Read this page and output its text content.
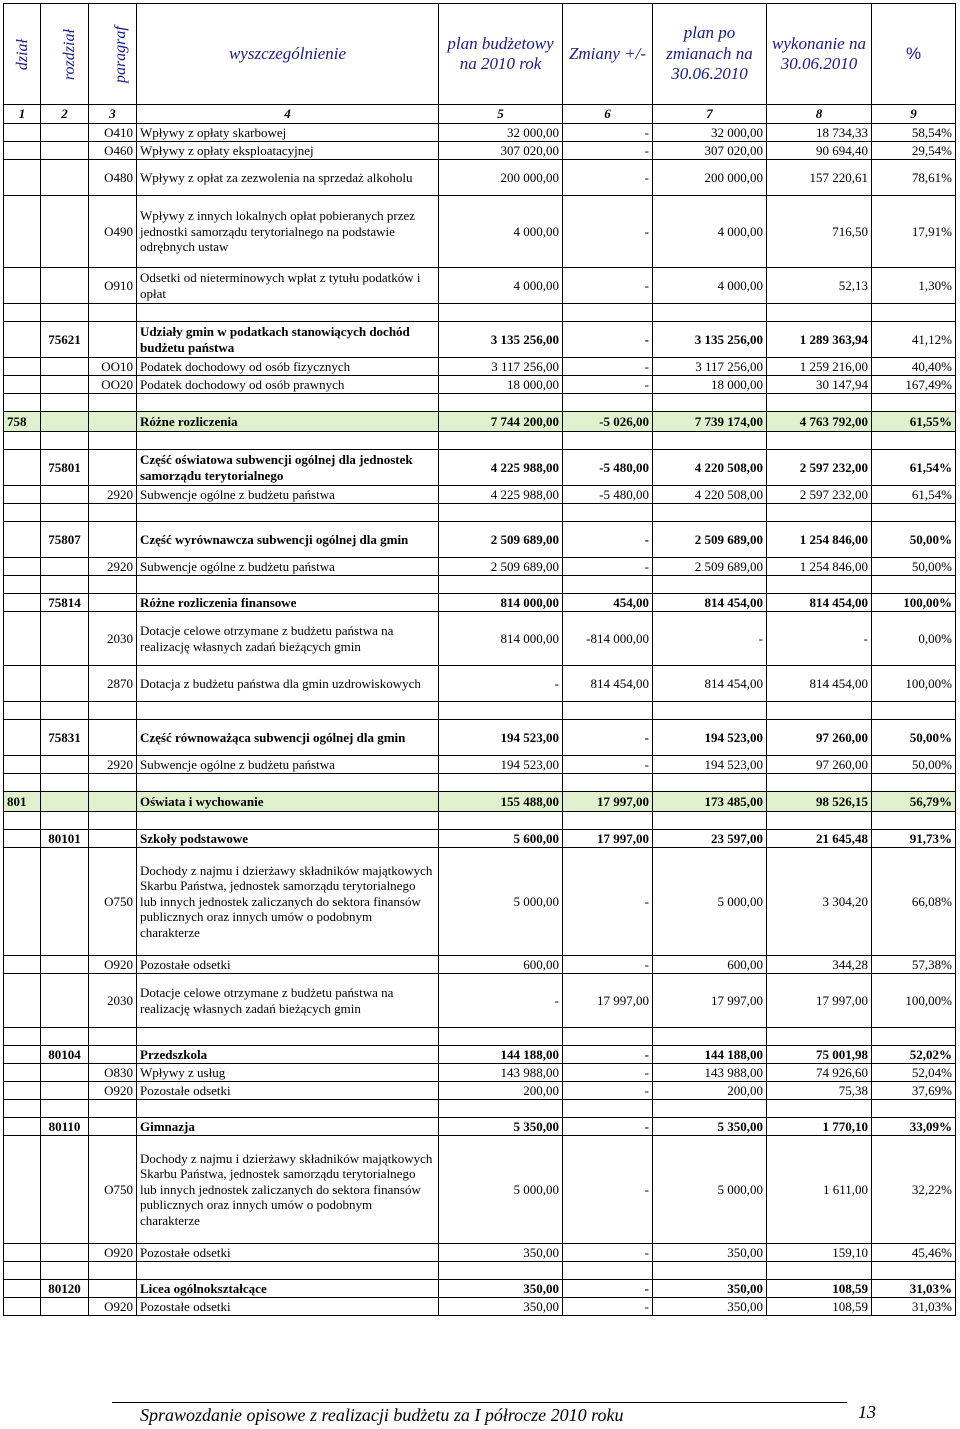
dział	rozdział	paragraf	wyszczególnienie	plan budżetowy na 2010 rok	Zmiany +/-	plan po zmianach na 30.06.2010	wykonanie na 30.06.2010	%
1	2	3	4	5	6	7	8	9
		O410	Wpływy z opłaty skarbowej	32 000,00	-	32 000,00	18 734,33	58,54%
		O460	Wpływy z opłaty eksploatacyjnej	307 020,00	-	307 020,00	90 694,40	29,54%
		O480	Wpływy z opłat za zezwolenia na sprzedaż alkoholu	200 000,00	-	200 000,00	157 220,61	78,61%
		O490	Wpływy z innych lokalnych opłat pobieranych przez jednostki samorządu terytorialnego na podstawie odrębnych ustaw	4 000,00	-	4 000,00	716,50	17,91%
		O910	Odsetki od nieterminowych wpłat z tytułu podatków i opłat	4 000,00	-	4 000,00	52,13	1,30%

	75621		Udziały gmin w podatkach stanowiących dochód budżetu państwa	3 135 256,00	-	3 135 256,00	1 289 363,94	41,12%
		OO10	Podatek dochodowy od osób fizycznych	3 117 256,00	-	3 117 256,00	1 259 216,00	40,40%
		OO20	Podatek dochodowy od osób prawnych	18 000,00	-	18 000,00	30 147,94	167,49%

758			Różne rozliczenia	7 744 200,00	-5 026,00	7 739 174,00	4 763 792,00	61,55%

	75801		Część oświatowa subwencji ogólnej dla jednostek samorządu terytorialnego	4 225 988,00	-5 480,00	4 220 508,00	2 597 232,00	61,54%
		2920	Subwencje ogólne z budżetu państwa	4 225 988,00	-5 480,00	4 220 508,00	2 597 232,00	61,54%

	75807		Część wyrównawcza subwencji ogólnej dla gmin	2 509 689,00	-	2 509 689,00	1 254 846,00	50,00%
		2920	Subwencje ogólne z budżetu państwa	2 509 689,00	-	2 509 689,00	1 254 846,00	50,00%

	75814		Różne rozliczenia finansowe	814 000,00	454,00	814 454,00	814 454,00	100,00%
		2030	Dotacje celowe otrzymane z budżetu państwa na realizację własnych zadań bieżących gmin	814 000,00	-814 000,00	-	-	0,00%
		2870	Dotacja z budżetu państwa dla gmin uzdrowiskowych	-	814 454,00	814 454,00	814 454,00	100,00%

	75831		Część równoważąca subwencji ogólnej dla gmin	194 523,00	-	194 523,00	97 260,00	50,00%
		2920	Subwencje ogólne z budżetu państwa	194 523,00	-	194 523,00	97 260,00	50,00%

801			Oświata i wychowanie	155 488,00	17 997,00	173 485,00	98 526,15	56,79%

	80101		Szkoły podstawowe	5 600,00	17 997,00	23 597,00	21 645,48	91,73%
		O750	Dochody z najmu i dzierżawy składników majątkowych Skarbu Państwa, jednostek samorządu terytorialnego lub innych jednostek zaliczanych do sektora finansów publicznych oraz innych umów o podobnym charakterze	5 000,00	-	5 000,00	3 304,20	66,08%
		O920	Pozostałe odsetki	600,00	-	600,00	344,28	57,38%
		2030	Dotacje celowe otrzymane z budżetu państwa na realizację własnych zadań bieżących gmin	-	17 997,00	17 997,00	17 997,00	100,00%

	80104		Przedszkola	144 188,00	-	144 188,00	75 001,98	52,02%
		O830	Wpływy z usług	143 988,00	-	143 988,00	74 926,60	52,04%
		O920	Pozostałe odsetki	200,00	-	200,00	75,38	37,69%

	80110		Gimnazja	5 350,00	-	5 350,00	1 770,10	33,09%
		O750	Dochody z najmu i dzierżawy składników majątkowych Skarbu Państwa, jednostek samorządu terytorialnego lub innych jednostek zaliczanych do sektora finansów publicznych oraz innych umów o podobnym charakterze	5 000,00	-	5 000,00	1 611,00	32,22%
		O920	Pozostałe odsetki	350,00	-	350,00	159,10	45,46%

	80120		Licea ogólnokształcące	350,00	-	350,00	108,59	31,03%
		O920	Pozostałe odsetki	350,00	-	350,00	108,59	31,03%
Sprawozdanie opisowe z realizacji budżetu za I półrocze 2010 roku	13
